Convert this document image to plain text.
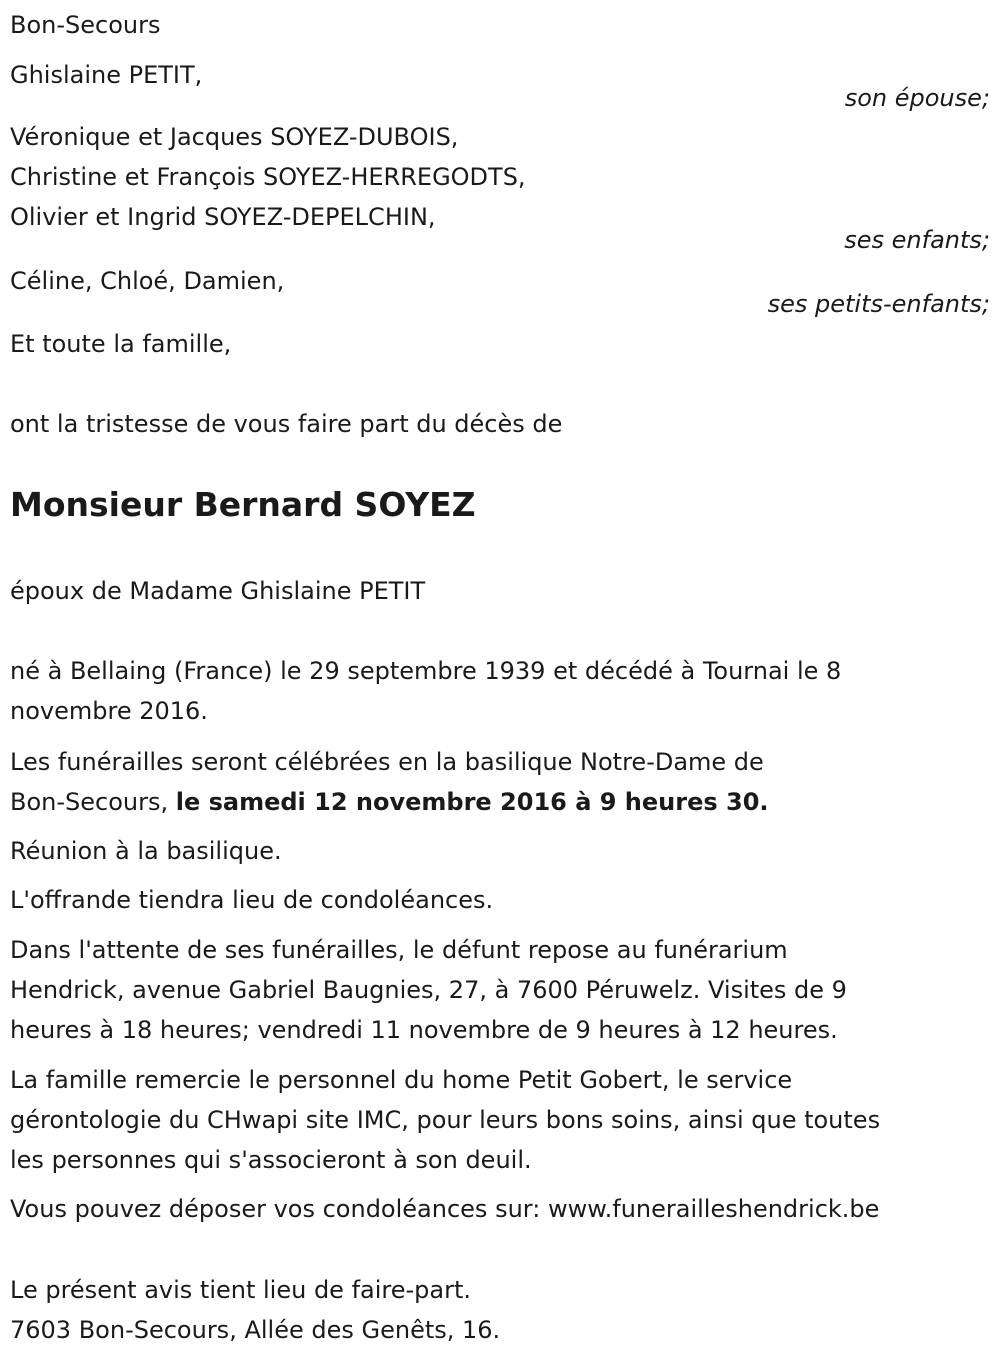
Bon-Secours
Ghislaine PETIT,
son épouse;
Véronique et Jacques SOYEZ-DUBOIS,
Christine et François SOYEZ-HERREGODTS,
Olivier et Ingrid SOYEZ-DEPELCHIN,
ses enfants;
Céline, Chloé, Damien,
ses petits-enfants;
Et toute la famille,
ont la tristesse de vous faire part du décès de
Monsieur Bernard SOYEZ
époux de Madame Ghislaine PETIT
né à Bellaing (France) le 29 septembre 1939 et décédé à Tournai le 8
novembre 2016.
Les funérailles seront célébrées en la basilique Notre-Dame de
Bon-Secours, le samedi 12 novembre 2016 à 9 heures 30.
Réunion à la basilique.
L'offrande tiendra lieu de condoléances.
Dans l'attente de ses funérailles, le défunt repose au funérarium
Hendrick, avenue Gabriel Baugnies, 27, à 7600 Péruwelz. Visites de 9
heures à 18 heures; vendredi 11 novembre de 9 heures à 12 heures.
La famille remercie le personnel du home Petit Gobert, le service
gérontologie du CHwapi site IMC, pour leurs bons soins, ainsi que toutes
les personnes qui s'associeront à son deuil.
Vous pouvez déposer vos condoléances sur: www.funerailleshendrick.be
Le présent avis tient lieu de faire-part.
7603 Bon-Secours, Allée des Genêts, 16.
